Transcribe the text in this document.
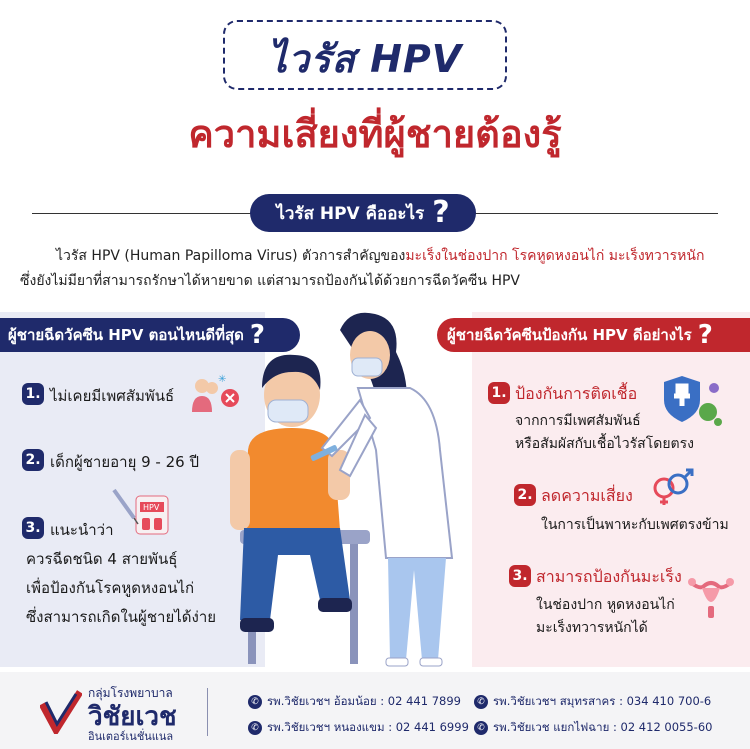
ไวรัส HPV
ความเสี่ยงที่ผู้ชายต้องรู้
ไวรัส HPV คืออะไร ?
ไวรัส HPV (Human Papilloma Virus) ตัวการสำคัญของมะเร็งในช่องปาก โรคหูดหงอนไก่ มะเร็งทวารหนัก
ซึ่งยังไม่มียาที่สามารถรักษาได้หายขาด แต่สามารถป้องกันได้ด้วยการฉีดวัคซีน HPV
ผู้ชายฉีดวัคซีน HPV ตอนไหนดีที่สุด ?
1. ไม่เคยมีเพศสัมพันธ์
✳
2. เด็กผู้ชายอายุ 9 - 26 ปี
HPV
3. แนะนำว่า
ควรฉีดชนิด 4 สายพันธุ์
เพื่อป้องกันโรคหูดหงอนไก่
ซึ่งสามารถเกิดในผู้ชายได้ง่าย
ผู้ชายฉีดวัคซีนป้องกัน HPV ดีอย่างไร ?
1. ป้องกันการติดเชื้อ
จากการมีเพศสัมพันธ์
หรือสัมผัสกับเชื้อไวรัสโดยตรง
2. ลดความเสี่ยง
ในการเป็นพาหะกับเพศตรงข้าม
3. สามารถป้องกันมะเร็ง
ในช่องปาก หูดหงอนไก่
มะเร็งทวารหนักได้
กลุ่มโรงพยาบาล
วิชัยเวช
อินเตอร์เนชั่นแนล
✆ รพ.วิชัยเวชฯ อ้อมน้อย : 02 441 7899	✆ รพ.วิชัยเวชฯ สมุทรสาคร : 034 410 700-6
✆ รพ.วิชัยเวชฯ หนองแขม : 02 441 6999 ✆ รพ.วิชัยเวช แยกไฟฉาย : 02 412 0055-60
